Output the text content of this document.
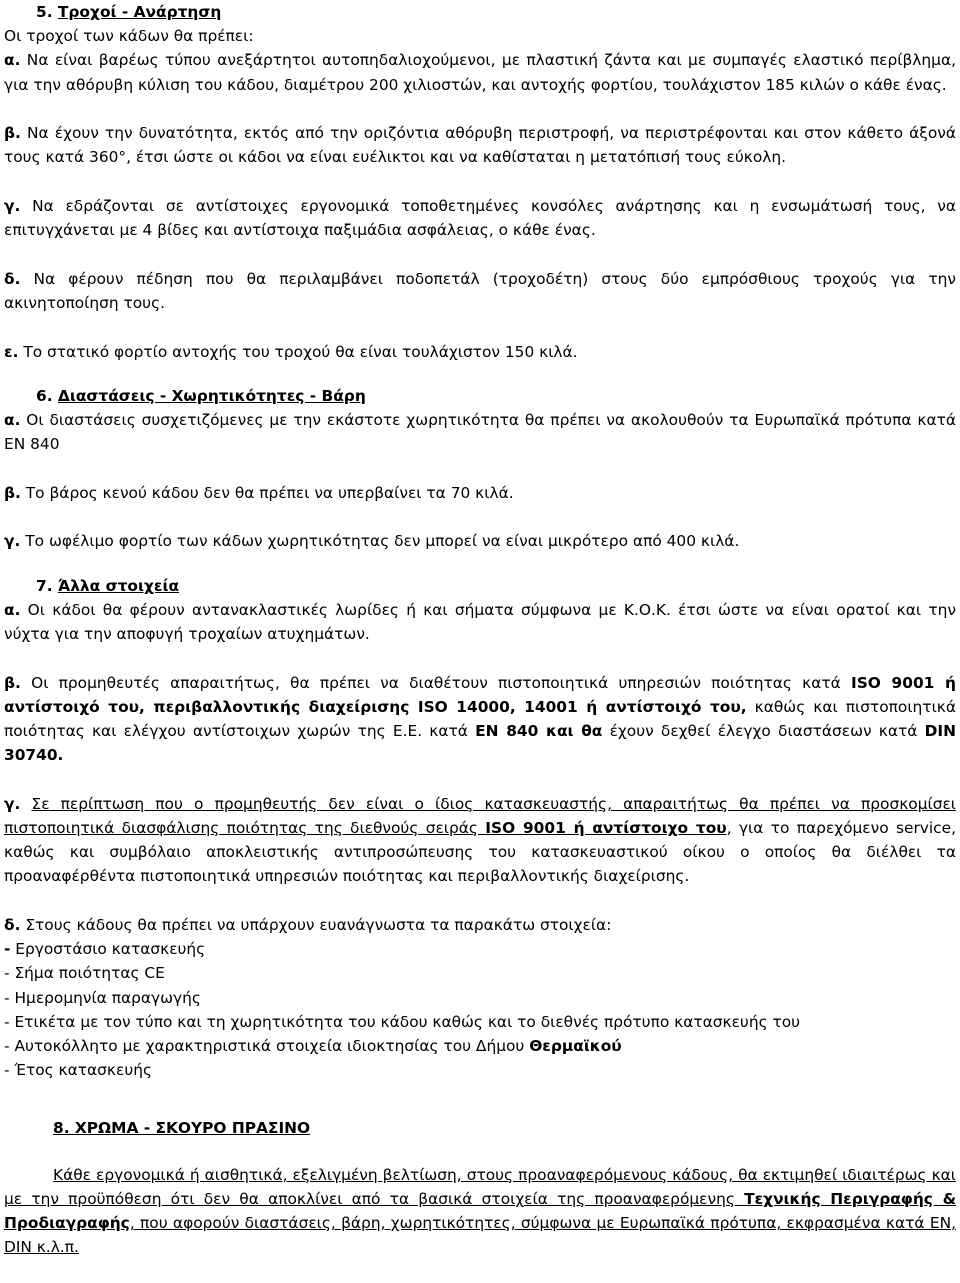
5. Τροχοί - Ανάρτηση

Οι τροχοί των κάδων θα πρέπει:

α. Να είναι βαρέως τύπου ανεξάρτητοι αυτοπηδαλιοχούμενοι, με πλαστική ζάντα και με συμπαγές ελαστικό περίβλημα, για την αθόρυβη κύλιση του κάδου, διαμέτρου 200 χιλιοστών, και αντοχής φορτίου, τουλάχιστον 185 κιλών ο κάθε ένας.

β. Να έχουν την δυνατότητα, εκτός από την οριζόντια αθόρυβη περιστροφή, να περιστρέφονται και στον κάθετο άξονά τους κατά 360°, έτσι ώστε οι κάδοι να είναι ευέλικτοι και να καθίσταται η μετατόπισή τους εύκολη.

γ. Να εδράζονται σε αντίστοιχες εργονομικά τοποθετημένες κονσόλες ανάρτησης και η ενσωμάτωσή τους, να επιτυγχάνεται με 4 βίδες και αντίστοιχα παξιμάδια ασφάλειας, ο κάθε ένας.

δ. Να φέρουν πέδηση που θα περιλαμβάνει ποδοπετάλ (τροχοδέτη) στους δύο εμπρόσθιους τροχούς για την ακινητοποίηση τους.

ε. Το στατικό φορτίο αντοχής του τροχού θα είναι τουλάχιστον 150 κιλά.

6. Διαστάσεις - Χωρητικότητες - Βάρη

α. Οι διαστάσεις συσχετιζόμενες με την εκάστοτε χωρητικότητα θα πρέπει να ακολουθούν τα Ευρωπαϊκά πρότυπα κατά ΕΝ 840

β. Το βάρος κενού κάδου δεν θα πρέπει να υπερβαίνει τα 70 κιλά.

γ. Το ωφέλιμο φορτίο των κάδων χωρητικότητας δεν μπορεί να είναι μικρότερο από 400 κιλά.

7. Άλλα στοιχεία

α. Οι κάδοι θα φέρουν αντανακλαστικές λωρίδες ή και σήματα σύμφωνα με Κ.Ο.Κ. έτσι ώστε να είναι ορατοί και την νύχτα για την αποφυγή τροχαίων ατυχημάτων.

β. Οι προμηθευτές απαραιτήτως, θα πρέπει να διαθέτουν πιστοποιητικά υπηρεσιών ποιότητας κατά ISO 9001 ή αντίστοιχό του, περιβαλλοντικής διαχείρισης ISO 14000, 14001 ή αντίστοιχό του, καθώς και πιστοποιητικά ποιότητας και ελέγχου αντίστοιχων χωρών της Ε.Ε. κατά ΕΝ 840 και θα έχουν δεχθεί έλεγχο διαστάσεων κατά DIN 30740.

γ. Σε περίπτωση που ο προμηθευτής δεν είναι ο ίδιος κατασκευαστής, απαραιτήτως θα πρέπει να προσκομίσει πιστοποιητικά διασφάλισης ποιότητας της διεθνούς σειράς ISO 9001 ή αντίστοιχο του, για το παρεχόμενο service, καθώς και συμβόλαιο αποκλειστικής αντιπροσώπευσης του κατασκευαστικού οίκου ο οποίος θα διέλθει τα προαναφέρθέντα πιστοποιητικά υπηρεσιών ποιότητας και περιβαλλοντικής διαχείρισης.

δ. Στους κάδους θα πρέπει να υπάρχουν ευανάγνωστα τα παρακάτω στοιχεία:

- Εργοστάσιο κατασκευής

- Σήμα ποιότητας CE

- Ημερομηνία παραγωγής

- Ετικέτα με τον τύπο και τη χωρητικότητα του κάδου καθώς και το διεθνές πρότυπο κατασκευής του

- Αυτοκόλλητο με χαρακτηριστικά στοιχεία ιδιοκτησίας του Δήμου Θερμαϊκού

- Έτος κατασκευής

8. ΧΡΩΜΑ - ΣΚΟΥΡΟ ΠΡΑΣΙΝΟ

Κάθε εργονομικά ή αισθητικά, εξελιγμένη βελτίωση, στους προαναφερόμενους κάδους, θα εκτιμηθεί ιδιαιτέρως και με την προϋπόθεση ότι δεν θα αποκλίνει από τα βασικά στοιχεία της προαναφερόμενης Τεχνικής Περιγραφής & Προδιαγραφής, που αφορούν διαστάσεις, βάρη, χωρητικότητες, σύμφωνα με Ευρωπαϊκά πρότυπα, εκφρασμένα κατά ΕΝ, DIN κ.λ.π.
